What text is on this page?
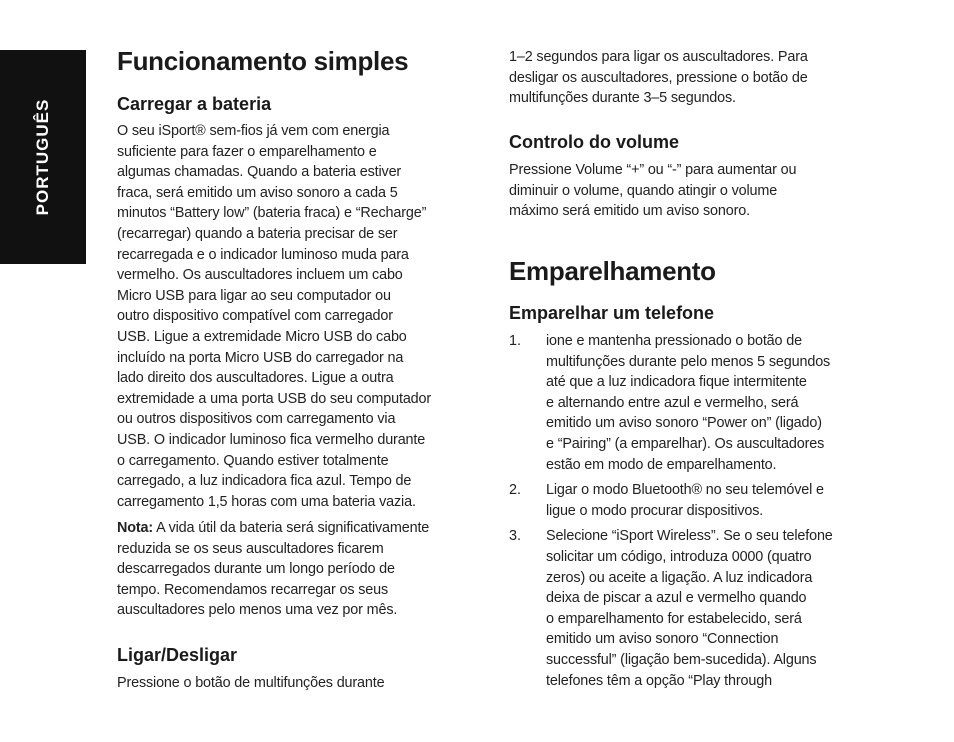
PORTUGUÊS
Funcionamento simples
Carregar a bateria

O seu iSport® sem-fios já vem com energia

suficiente para fazer o emparelhamento e

algumas chamadas. Quando a bateria estiver

fraca, será emitido um aviso sonoro a cada 5

minutos “Battery low” (bateria fraca) e “Recharge”

(recarregar) quando a bateria precisar de ser

recarregada e o indicador luminoso muda para

vermelho. Os auscultadores incluem um cabo

Micro USB para ligar ao seu computador ou

outro dispositivo compatível com carregador

USB. Ligue a extremidade Micro USB do cabo

incluído na porta Micro USB do carregador na

lado direito dos auscultadores. Ligue a outra

extremidade a uma porta USB do seu computador

ou outros dispositivos com carregamento via

USB. O indicador luminoso fica vermelho durante

o carregamento. Quando estiver totalmente

carregado, a luz indicadora fica azul. Tempo de

carregamento 1,5 horas com uma bateria vazia.

Nota: A vida útil da bateria será significativamente

reduzida se os seus auscultadores ficarem

descarregados durante um longo período de

tempo. Recomendamos recarregar os seus

auscultadores pelo menos uma vez por mês.

Ligar/Desligar

Pressione o botão de multifunções durante

1–2 segundos para ligar os auscultadores. Para

desligar os auscultadores, pressione o botão de

multifunções durante 3–5 segundos.

Controlo do volume

Pressione Volume “+” ou “-” para aumentar ou

diminuir o volume, quando atingir o volume

máximo será emitido um aviso sonoro.

Emparelhamento
Emparelhar um telefone
1. ione e mantenha pressionado o botão de

multifunções durante pelo menos 5 segundos

até que a luz indicadora fique intermitente

e alternando entre azul e vermelho, será

emitido um aviso sonoro “Power on” (ligado)

e “Pairing” (a emparelhar). Os auscultadores

estão em modo de emparelhamento.

2. Ligar o modo Bluetooth® no seu telemóvel e

ligue o modo procurar dispositivos.

3. Selecione “iSport Wireless”. Se o seu telefone

solicitar um código, introduza 0000 (quatro

zeros) ou aceite a ligação. A luz indicadora

deixa de piscar a azul e vermelho quando

o emparelhamento for estabelecido, será

emitido um aviso sonoro “Connection

successful” (ligação bem-sucedida). Alguns

telefones têm a opção “Play through
